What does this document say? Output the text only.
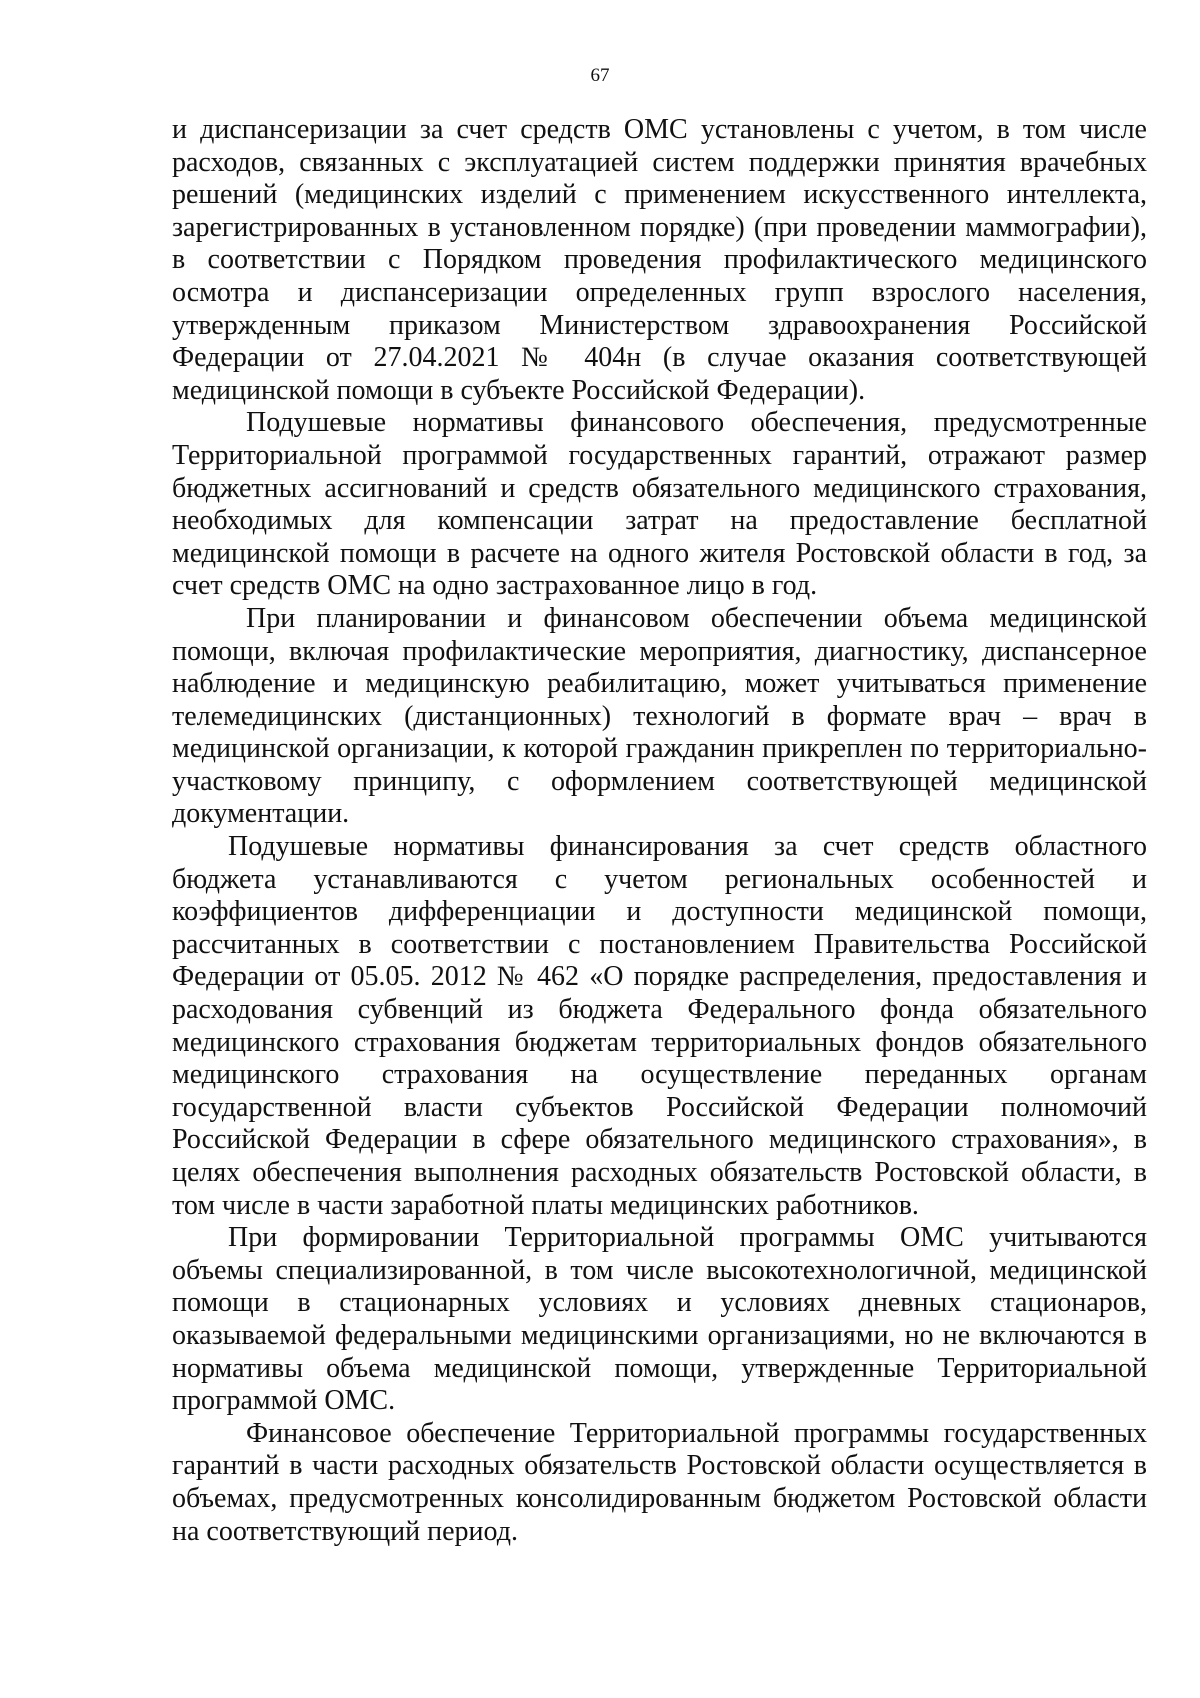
67

и диспансеризации за счет средств ОМС установлены с учетом, в том числе расходов, связанных с эксплуатацией систем поддержки принятия врачебных решений (медицинских изделий с применением искусственного интеллекта, зарегистрированных в установленном порядке) (при проведении маммографии), в соответствии с Порядком проведения профилактического медицинского осмотра и диспансеризации определенных групп взрослого населения, утвержденным приказом Министерством здравоохранения Российской Федерации от 27.04.2021 № 404н (в случае оказания соответствующей медицинской помощи в субъекте Российской Федерации).

Подушевые нормативы финансового обеспечения, предусмотренные Территориальной программой государственных гарантий, отражают размер бюджетных ассигнований и средств обязательного медицинского страхования, необходимых для компенсации затрат на предоставление бесплатной медицинской помощи в расчете на одного жителя Ростовской области в год, за счет средств ОМС на одно застрахованное лицо в год.

При планировании и финансовом обеспечении объема медицинской помощи, включая профилактические мероприятия, диагностику, диспансерное наблюдение и медицинскую реабилитацию, может учитываться применение телемедицинских (дистанционных) технологий в формате врач – врач в медицинской организации, к которой гражданин прикреплен по территориально-участковому принципу, с оформлением соответствующей медицинской документации.

Подушевые нормативы финансирования за счет средств областного бюджета устанавливаются с учетом региональных особенностей и коэффициентов дифференциации и доступности медицинской помощи, рассчитанных в соответствии с постановлением Правительства Российской Федерации от 05.05. 2012 № 462 «О порядке распределения, предоставления и расходования субвенций из бюджета Федерального фонда обязательного медицинского страхования бюджетам территориальных фондов обязательного медицинского страхования на осуществление переданных органам государственной власти субъектов Российской Федерации полномочий Российской Федерации в сфере обязательного медицинского страхования», в целях обеспечения выполнения расходных обязательств Ростовской области, в том числе в части заработной платы медицинских работников.

При формировании Территориальной программы ОМС учитываются объемы специализированной, в том числе высокотехнологичной, медицинской помощи в стационарных условиях и условиях дневных стационаров, оказываемой федеральными медицинскими организациями, но не включаются в нормативы объема медицинской помощи, утвержденные Территориальной программой ОМС.

Финансовое обеспечение Территориальной программы государственных гарантий в части расходных обязательств Ростовской области осуществляется в объемах, предусмотренных консолидированным бюджетом Ростовской области на соответствующий период.
